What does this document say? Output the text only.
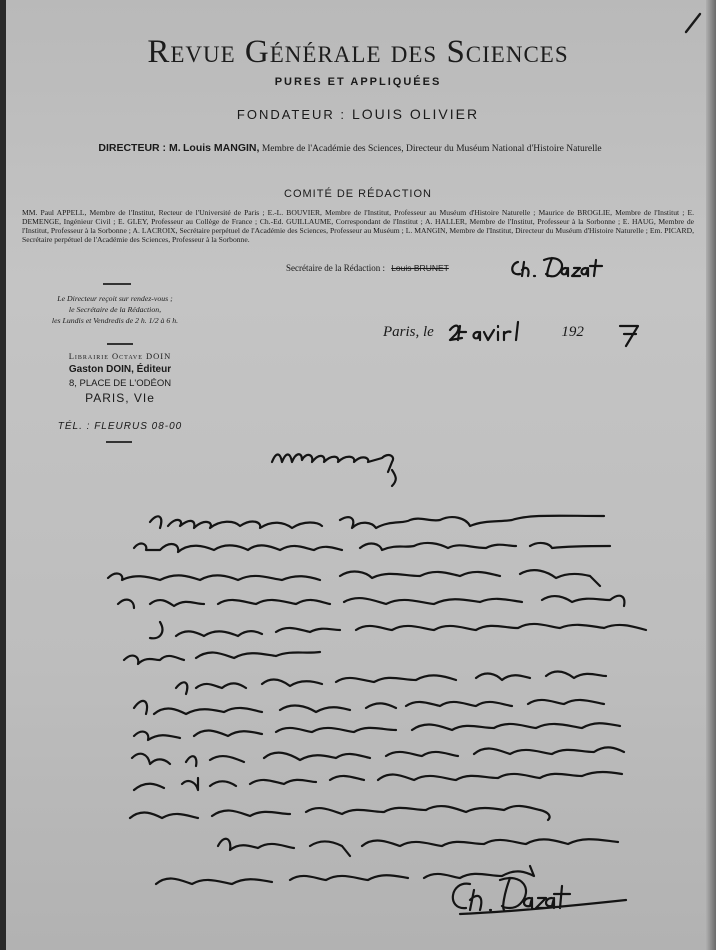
Revue Générale des Sciences
PURES ET APPLIQUÉES
FONDATEUR : LOUIS OLIVIER
DIRECTEUR : M. Louis MANGIN, Membre de l'Académie des Sciences, Directeur du Muséum National d'Histoire Naturelle
COMITÉ DE RÉDACTION
MM. Paul APPELL, Membre de l'Institut, Recteur de l'Université de Paris ; E.-L. BOUVIER, Membre de l'Institut, Professeur au Muséum d'Histoire Naturelle ; Maurice de BROGLIE, Membre de l'Institut ; E. DEMENGE, Ingénieur Civil ; E. GLEY, Professeur au Collège de France ; Ch.-Ed. GUILLAUME, Correspondant de l'Institut ; A. HALLER, Membre de l'Institut, Professeur à la Sorbonne ; E. HAUG, Membre de l'Institut, Professeur à la Sorbonne ; A. LACROIX, Secrétaire perpétuel de l'Académie des Sciences, Professeur au Muséum ; L. MANGIN, Membre de l'Institut, Directeur du Muséum d'Histoire Naturelle ; Em. PICARD, Secrétaire perpétuel de l'Académie des Sciences, Professeur à la Sorbonne.
Secrétaire de la Rédaction : Louis BRUNET
Le Directeur reçoit sur rendez-vous ;
le Secrétaire de la Rédaction,
les Lundis et Vendredis de 2 h. 1/2 à 6 h.
Librairie Octave DOIN
Gaston DOIN, Éditeur
8, PLACE DE L'ODÉON
PARIS, VIe
TÉL. : FLEURUS 08-00
Paris, le	192
